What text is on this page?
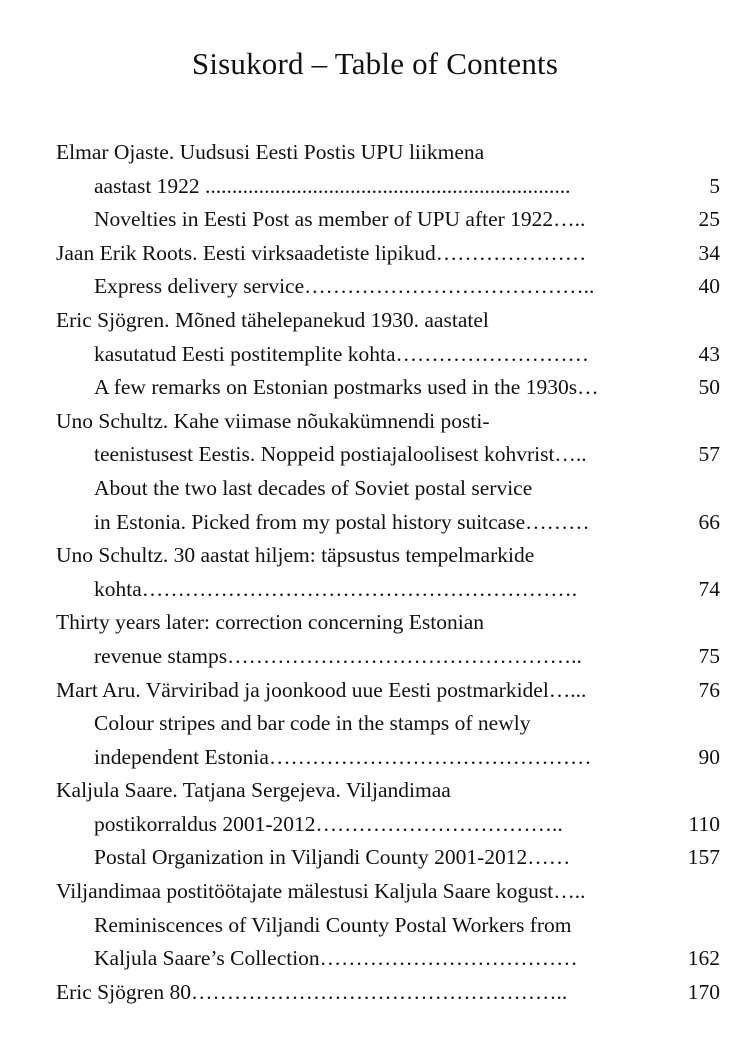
Sisukord – Table of Contents
Elmar Ojaste. Uudsusi Eesti Postis UPU liikmena
aastast 1922 ....................................................................	5
Novelties in Eesti Post as member of UPU after 1922…..	25
Jaan Erik Roots. Eesti virksaadetiste lipikud…………………	34
Express delivery service…………………………………..	40
Eric Sjögren. Mõned tähelepanekud 1930. aastatel
kasutatud Eesti postitemplite kohta………………………	43
A few remarks on Estonian postmarks used in the 1930s…	50
Uno Schultz. Kahe viimase nõukakümnendi posti-
teenistusest Eestis. Noppeid postiajaloolisest kohvrist…..	57
About the two last decades of Soviet postal service
in Estonia. Picked from my postal history suitcase………	66
Uno Schultz. 30 aastat hiljem: täpsustus tempelmarkide
kohta…………………………………………………….	74
Thirty years later: correction concerning Estonian
revenue stamps…………………………………………..	75
Mart Aru. Värviribad ja joonkood uue Eesti postmarkidel…...	76
Colour stripes and bar code in the stamps of newly
independent Estonia………………………………………	90
Kaljula Saare. Tatjana Sergejeva. Viljandimaa
postikorraldus 2001-2012……………………………..	110
Postal Organization in Viljandi County 2001-2012……	157
Viljandimaa postitöötajate mälestusi Kaljula Saare kogust…..
Reminiscences of Viljandi County Postal Workers from
Kaljula Saare’s Collection………………………………	162
Eric Sjögren 80……………………………………………..	170
